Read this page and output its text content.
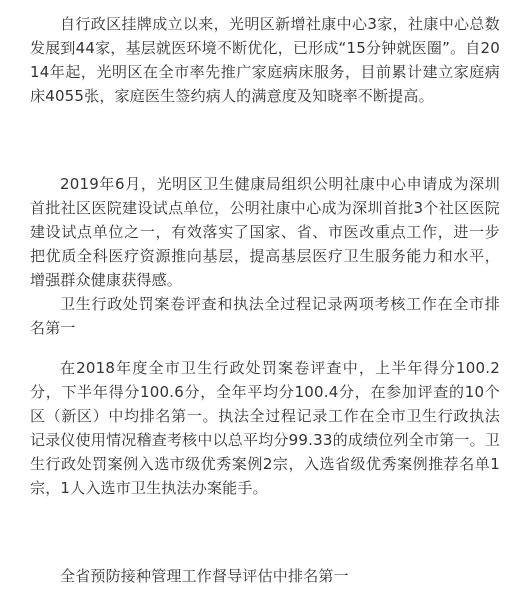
自行政区挂牌成立以来，光明区新增社康中心3家，社康中心总数发展到44家，基层就医环境不断优化，已形成“15分钟就医圈”。自2014年起，光明区在全市率先推广家庭病床服务，目前累计建立家庭病床4055张，家庭医生签约病人的满意度及知晓率不断提高。

2019年6月，光明区卫生健康局组织公明社康中心申请成为深圳首批社区医院建设试点单位，公明社康中心成为深圳首批3个社区医院建设试点单位之一，有效落实了国家、省、市医改重点工作，进一步把优质全科医疗资源推向基层，提高基层医疗卫生服务能力和水平，增强群众健康获得感。

卫生行政处罚案卷评查和执法全过程记录两项考核工作在全市排名第一

在2018年度全市卫生行政处罚案卷评查中，上半年得分100.2分，下半年得分100.6分，全年平均分100.4分，在参加评查的10个区（新区）中均排名第一。执法全过程记录工作在全市卫生行政执法记录仪使用情况稽查考核中以总平均分99.33的成绩位列全市第一。卫生行政处罚案例入选市级优秀案例2宗，入选省级优秀案例推荐名单1宗，1人入选市卫生执法办案能手。

全省预防接种管理工作督导评估中排名第一
